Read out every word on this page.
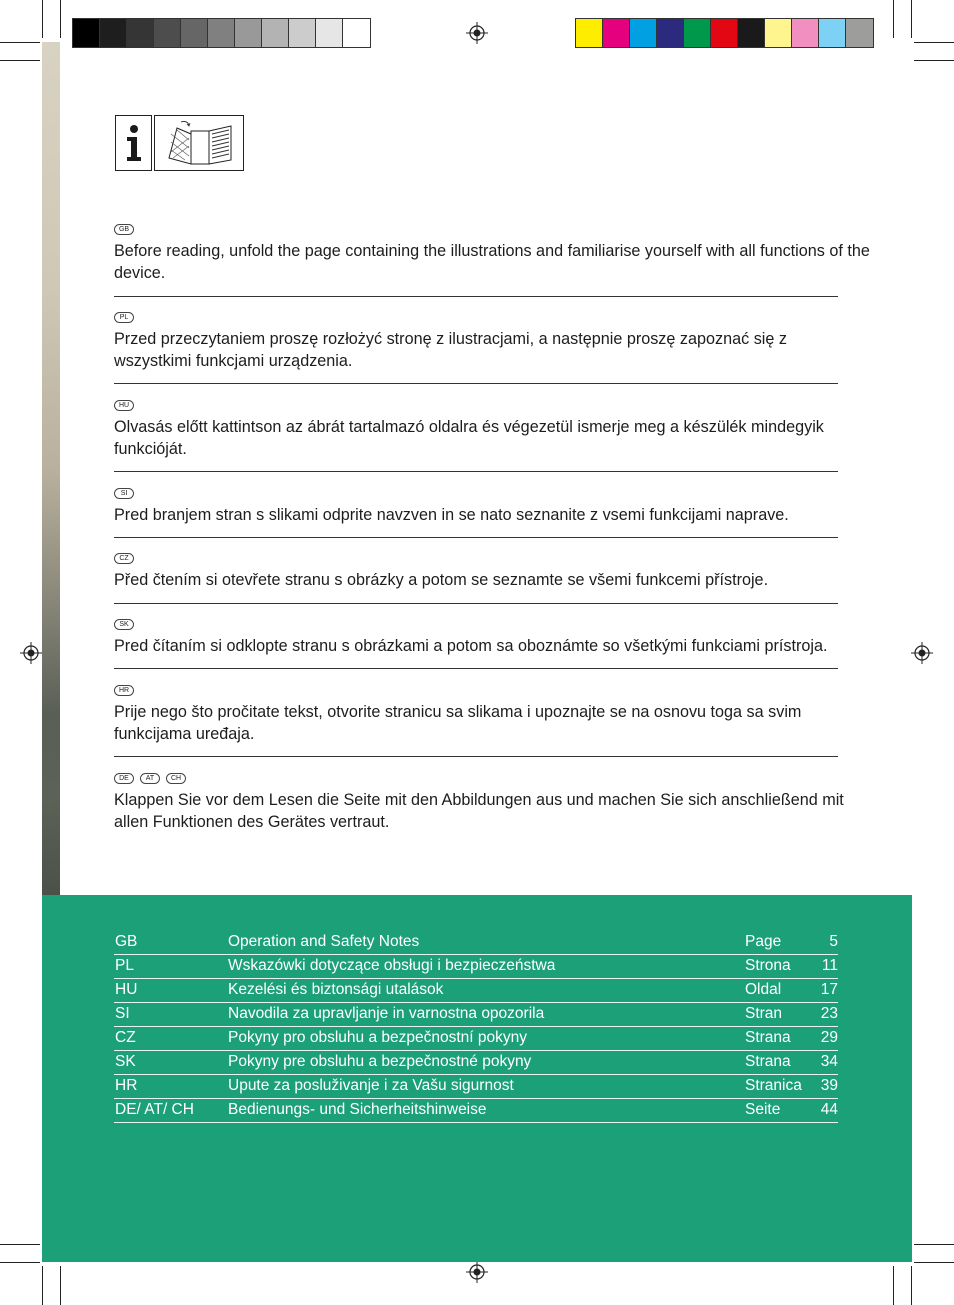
GB

Before reading, unfold the page containing the illustrations and familiarise yourself with all functions of the device.

PL

Przed przeczytaniem proszę rozłożyć stronę z ilustracjami, a następnie proszę zapoznać się z wszystkimi funkcjami urządzenia.

HU

Olvasás előtt kattintson az ábrát tartalmazó oldalra és végezetül ismerje meg a készülék mindegyik funkcióját.

SI

Pred branjem stran s slikami odprite navzven in se nato seznanite z vsemi funkcijami naprave.

CZ

Před čtením si otevřete stranu s obrázky a potom se seznamte se všemi funkcemi přístroje.

SK

Pred čítaním si odklopte stranu s obrázkami a potom sa oboznámte so všetkými funkciami prístroja.

HR

Prije nego što pročitate tekst, otvorite stranicu sa slikama i upoznajte se na osnovu toga sa svim funkcijama uređaja.

DE	AT	CH

Klappen Sie vor dem Lesen die Seite mit den Abbildungen aus und machen Sie sich anschließend mit allen Funktionen des Gerätes vertraut.

GB	Operation and Safety Notes	Page	5
PL	Wskazówki dotyczące obsługi i bezpieczeństwa	Strona 11
HU	Kezelési és biztonsági utalások	Oldal	17
SI	Navodila za upravljanje in varnostna opozorila	Stran 23
CZ	Pokyny pro obsluhu a bezpečnostní pokyny	Strana 29
SK	Pokyny pre obsluhu a bezpečnostné pokyny	Strana 34
HR	Upute za posluživanje i za Vašu sigurnost	Stranica 39
DE/ AT/ CH Bedienungs- und Sicherheitshinweise	Seite	44
